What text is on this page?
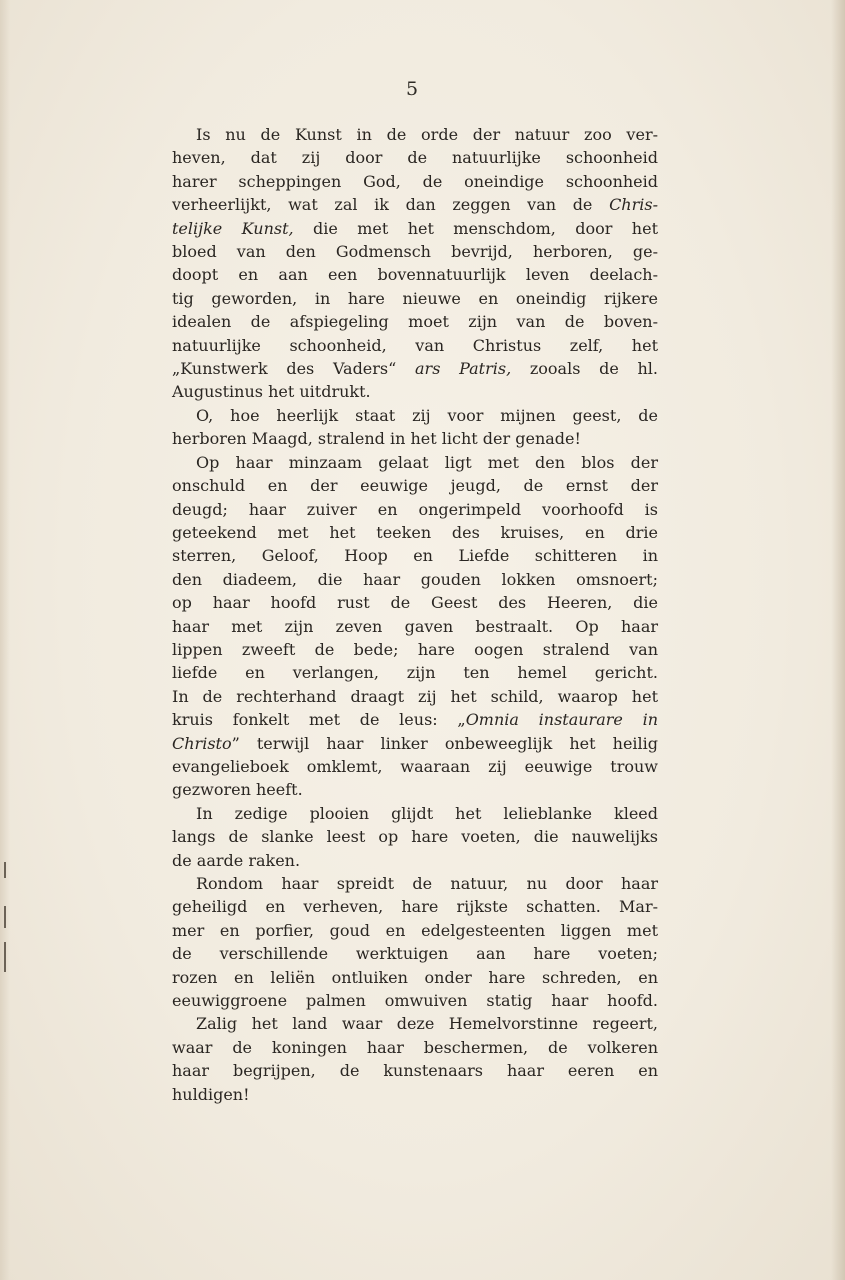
5
Is nu de Kunst in de orde der natuur zoo ver-
heven, dat zij door de natuurlijke schoonheid
harer scheppingen God, de oneindige schoonheid
verheerlijkt, wat zal ik dan zeggen van de Chris-
telijke Kunst, die met het menschdom, door het
bloed van den Godmensch bevrijd, herboren, ge-
doopt en aan een bovennatuurlijk leven deelach-
tig geworden, in hare nieuwe en oneindig rijkere
idealen de afspiegeling moet zijn van de boven-
natuurlijke schoonheid, van Christus zelf, het
„Kunstwerk des Vaders“ ars Patris, zooals de hl.
Augustinus het uitdrukt.
O, hoe heerlijk staat zij voor mijnen geest, de
herboren Maagd, stralend in het licht der genade!
Op haar minzaam gelaat ligt met den blos der
onschuld en der eeuwige jeugd, de ernst der
deugd; haar zuiver en ongerimpeld voorhoofd is
geteekend met het teeken des kruises, en drie
sterren, Geloof, Hoop en Liefde schitteren in
den diadeem, die haar gouden lokken omsnoert;
op haar hoofd rust de Geest des Heeren, die
haar met zijn zeven gaven bestraalt. Op haar
lippen zweeft de bede; hare oogen stralend van
liefde en verlangen, zijn ten hemel gericht.
In de rechterhand draagt zij het schild, waarop het
kruis fonkelt met de leus: „Omnia instaurare in
Christo” terwijl haar linker onbeweeglijk het heilig
evangelieboek omklemt, waaraan zij eeuwige trouw
gezworen heeft.
In zedige plooien glijdt het lelieblanke kleed
langs de slanke leest op hare voeten, die nauwelijks
de aarde raken.
Rondom haar spreidt de natuur, nu door haar
geheiligd en verheven, hare rijkste schatten. Mar-
mer en porfier, goud en edelgesteenten liggen met
de verschillende werktuigen aan hare voeten;
rozen en leliën ontluiken onder hare schreden, en
eeuwiggroene palmen omwuiven statig haar hoofd.
Zalig het land waar deze Hemelvorstinne regeert,
waar de koningen haar beschermen, de volkeren
haar begrijpen, de kunstenaars haar eeren en
huldigen!
